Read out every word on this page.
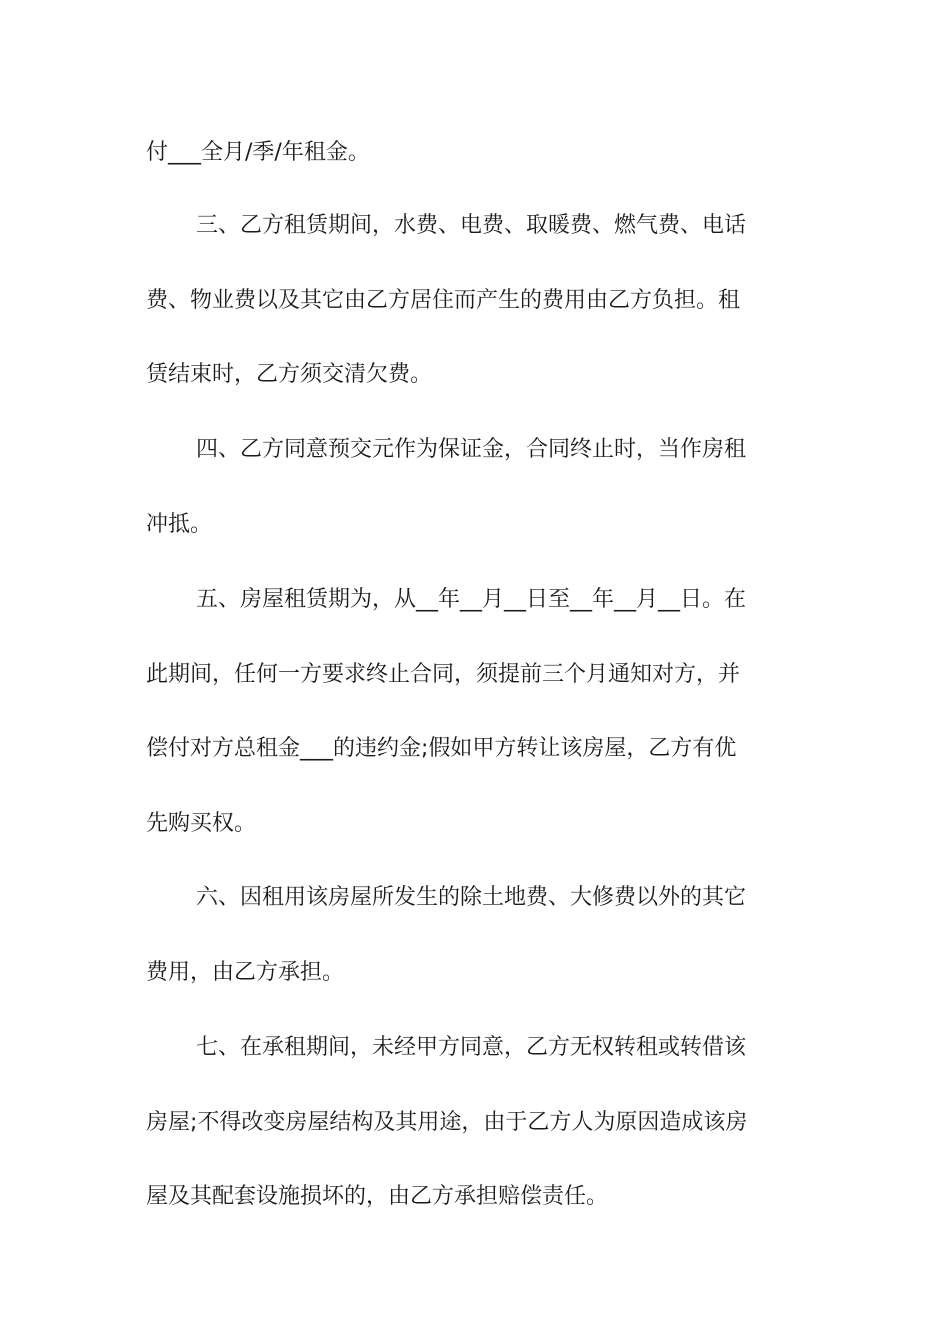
付___全月/季/年租金。
三、乙方租赁期间，水费、电费、取暖费、燃气费、电话
费、物业费以及其它由乙方居住而产生的费用由乙方负担。租
赁结束时，乙方须交清欠费。
四、乙方同意预交元作为保证金，合同终止时，当作房租
冲抵。
五、房屋租赁期为，从__年__月__日至__年__月__日。在
此期间，任何一方要求终止合同，须提前三个月通知对方，并
偿付对方总租金___的违约金;假如甲方转让该房屋，乙方有优
先购买权。
六、因租用该房屋所发生的除土地费、大修费以外的其它
费用，由乙方承担。
七、在承租期间，未经甲方同意，乙方无权转租或转借该
房屋;不得改变房屋结构及其用途，由于乙方人为原因造成该房
屋及其配套设施损坏的，由乙方承担赔偿责任。
